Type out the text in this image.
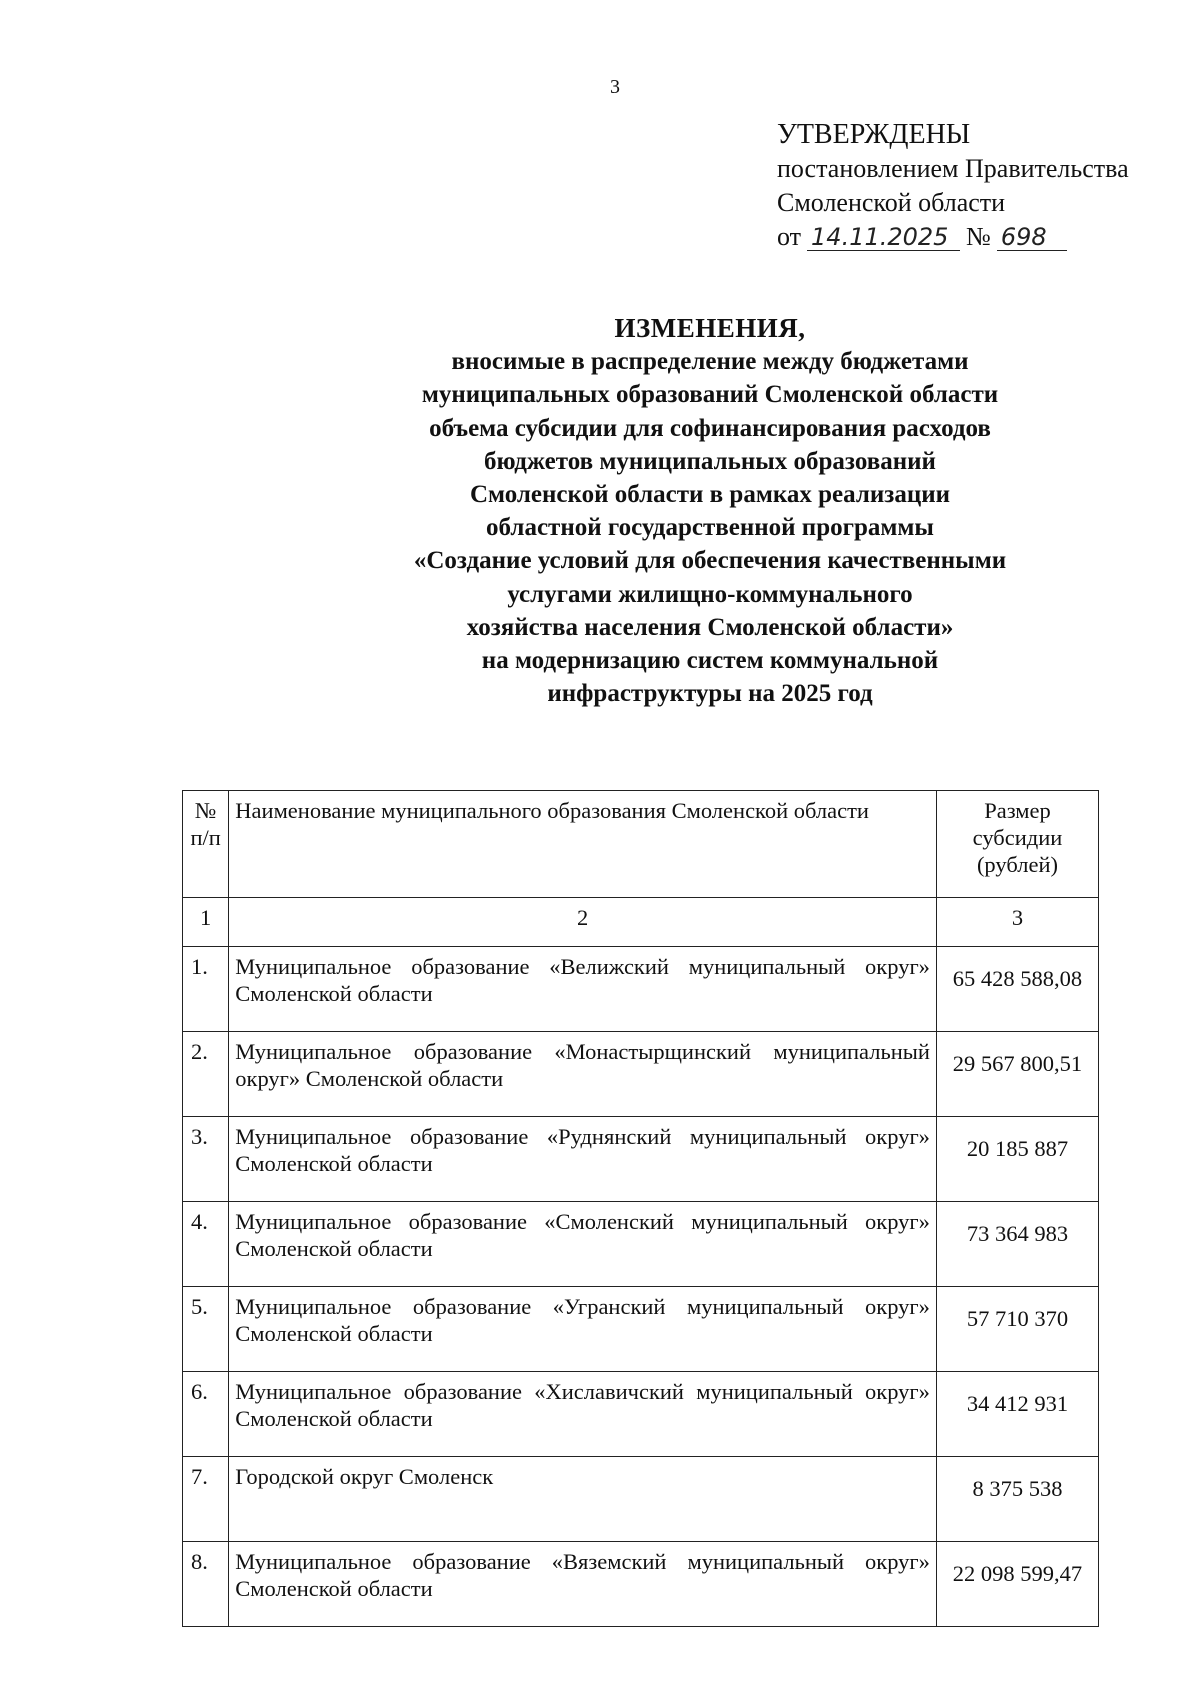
3
УТВЕРЖДЕНЫ
постановлением Правительства
Смоленской области
от 14.11.2025 № 698
ИЗМЕНЕНИЯ,
вносимые в распределение между бюджетами
муниципальных образований Смоленской области
объема субсидии для софинансирования расходов
бюджетов муниципальных образований
Смоленской области в рамках реализации
областной государственной программы
«Создание условий для обеспечения качественными
услугами жилищно-коммунального
хозяйства населения Смоленской области»
на модернизацию систем коммунальной
инфраструктуры на 2025 год
№ п/п	Наименование муниципального образования Смоленской области	Размер субсидии (рублей)
1	2	3
1.	Муниципальное образование «Велижский муниципальный округ» Смоленской области	65 428 588,08
2.	Муниципальное образование «Монастырщинский муниципальный округ» Смоленской области	29 567 800,51
3.	Муниципальное образование «Руднянский муниципальный округ» Смоленской области	20 185 887
4.	Муниципальное образование «Смоленский муниципальный округ» Смоленской области	73 364 983
5.	Муниципальное образование «Угранский муниципальный округ» Смоленской области	57 710 370
6.	Муниципальное образование «Хиславичский муниципальный округ» Смоленской области	34 412 931
7.	Городской округ Смоленск	8 375 538
8.	Муниципальное образование «Вяземский муниципальный округ» Смоленской области	22 098 599,47
